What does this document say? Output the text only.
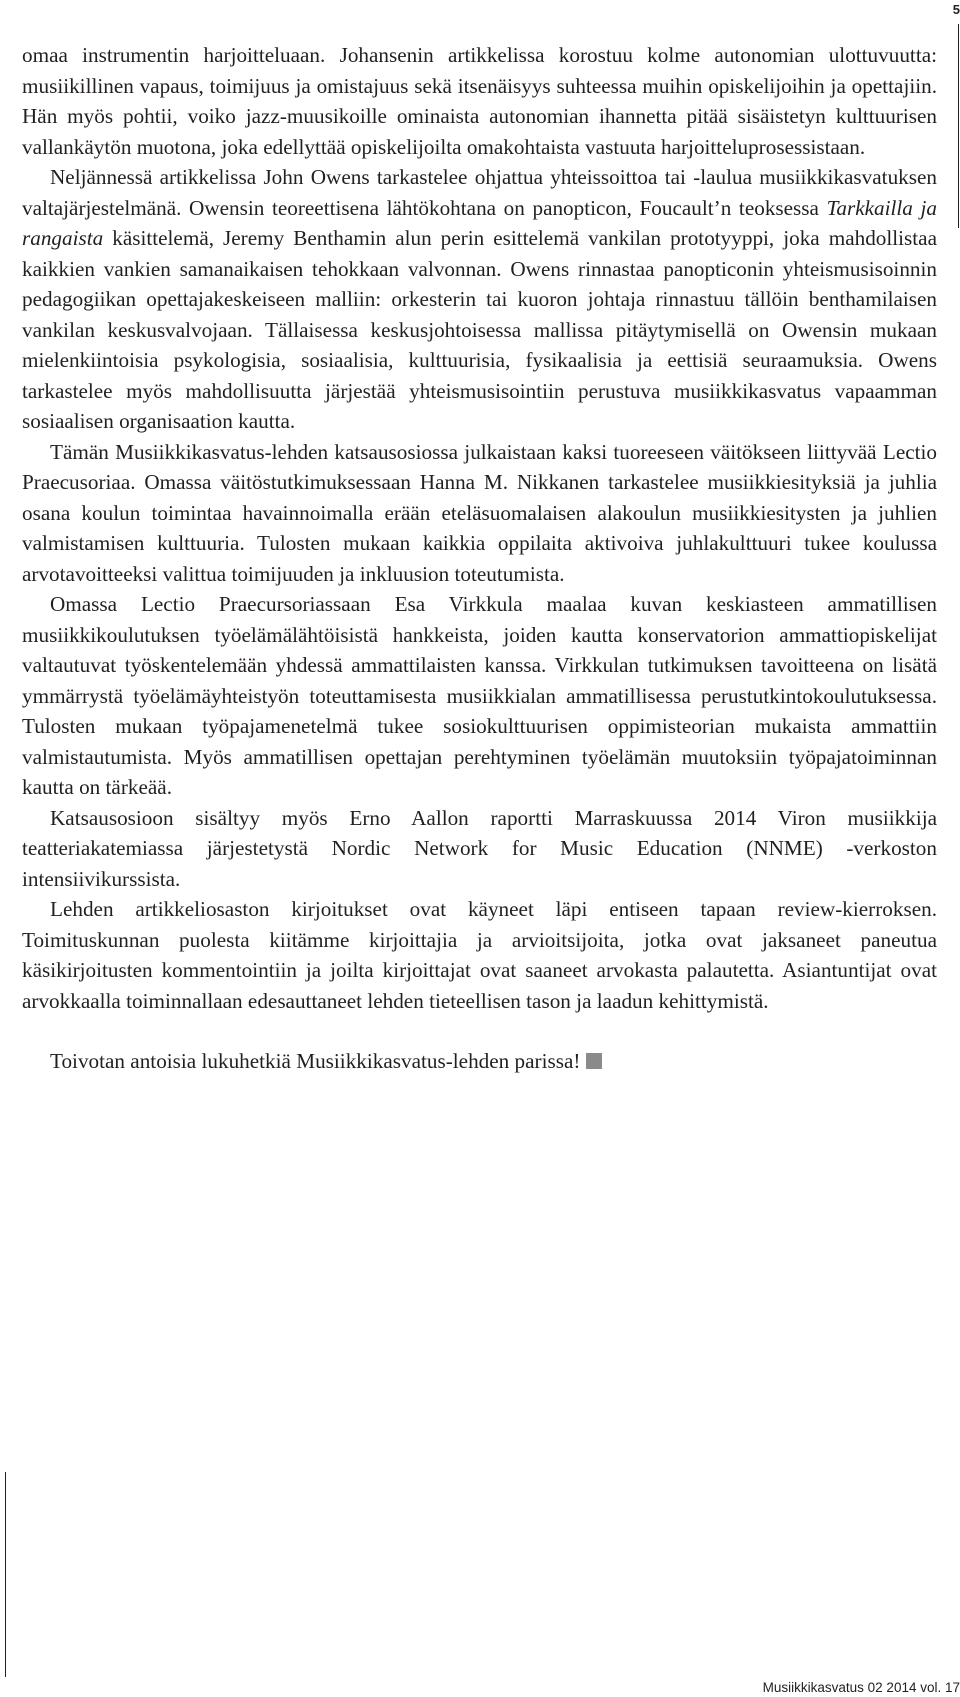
5

omaa instrumentin harjoitteluaan. Johansenin artikkelissa korostuu kolme autonomian ulottuvuutta: musiikillinen vapaus, toimijuus ja omistajuus sekä itsenäisyys suhteessa muihin opiskelijoihin ja opettajiin. Hän myös pohtii, voiko jazz-muusikoille ominaista autonomian ihannetta pitää sisäistetyn kulttuurisen vallankäytön muotona, joka edellyttää opiskelijoilta omakohtaista vastuuta harjoitteluprosessistaan.

Neljännessä artikkelissa John Owens tarkastelee ohjattua yhteissoittoa tai -laulua musiikkikasvatuksen valtajärjestelmänä. Owensin teoreettisena lähtökohtana on panopticon, Foucault’n teoksessa Tarkkailla ja rangaista käsittelemä, Jeremy Benthamin alun perin esittelemä vankilan prototyyppi, joka mahdollistaa kaikkien vankien samanaikaisen tehokkaan valvonnan. Owens rinnastaa panopticonin yhteismusisoinnin pedagogiikan opettajakeskeiseen malliin: orkesterin tai kuoron johtaja rinnastuu tällöin benthamilaisen vankilan keskusvalvojaan. Tällaisessa keskusjohtoisessa mallissa pitäytymisellä on Owensin mukaan mielenkiintoisia psykologisia, sosiaalisia, kulttuurisia, fysikaalisia ja eettisiä seuraamuksia. Owens tarkastelee myös mahdollisuutta järjestää yhteismusisointiin perustuva musiikkikasvatus vapaamman sosiaalisen organisaation kautta.

Tämän Musiikkikasvatus-lehden katsausosiossa julkaistaan kaksi tuoreeseen väitökseen liittyvää Lectio Praecusoriaa. Omassa väitöstutkimuksessaan Hanna M. Nikkanen tarkastelee musiikkiesityksiä ja juhlia osana koulun toimintaa havainnoimalla erään eteläsuomalaisen alakoulun musiikkiesitysten ja juhlien valmistamisen kulttuuria. Tulosten mukaan kaikkia oppilaita aktivoiva juhlakulttuuri tukee koulussa arvotavoitteeksi valittua toimijuuden ja inkluusion toteutumista.

Omassa Lectio Praecursoriassaan Esa Virkkula maalaa kuvan keskiasteen ammatillisen musiikkikoulutuksen työelämälähtöisistä hankkeista, joiden kautta konservatorion ammattiopiskelijat valtautuvat työskentelemään yhdessä ammattilaisten kanssa. Virkkulan tutkimuksen tavoitteena on lisätä ymmärrystä työelämäyhteistyön toteuttamisesta musiikkialan ammatillisessa perustutkintokoulutuksessa. Tulosten mukaan työpajamenetelmä tukee sosiokulttuurisen oppimisteorian mukaista ammattiin valmistautumista. Myös ammatillisen opettajan perehtyminen työelämän muutoksiin työpajatoiminnan kautta on tärkeää.

Katsausosioon sisältyy myös Erno Aallon raportti Marraskuussa 2014 Viron musiikkija teatteriakatemiassa järjestetystä Nordic Network for Music Education (NNME) -verkoston intensiivikurssista.

Lehden artikkeliosaston kirjoitukset ovat käyneet läpi entiseen tapaan review-kierroksen. Toimituskunnan puolesta kiitämme kirjoittajia ja arvioitsijoita, jotka ovat jaksaneet paneutua käsikirjoitusten kommentointiin ja joilta kirjoittajat ovat saaneet arvokasta palautetta. Asiantuntijat ovat arvokkaalla toiminnallaan edesauttaneet lehden tieteellisen tason ja laadun kehittymistä.

Toivotan antoisia lukuhetkiä Musiikkikasvatus-lehden parissa!

Musiikkikasvatus 02 2014 vol. 17
